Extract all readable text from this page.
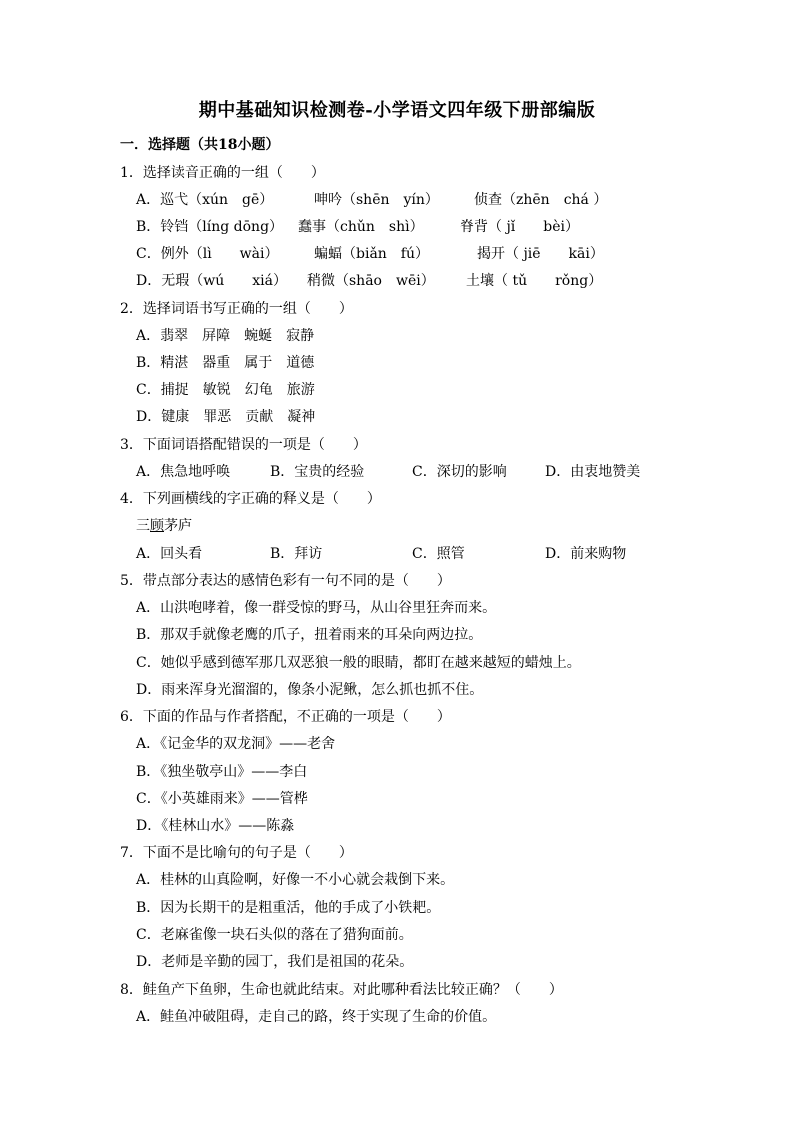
期中基础知识检测卷-小学语文四年级下册部编版
一．选择题（共18小题）
1．选择读音正确的一组（　　）
A．巡弋（xún　gē）	呻吟（shēn　yín）	侦查（zhēn　chá ）
B．铃铛（líng dōng） 蠢事（chǔn　shì）	脊背（ jǐ　　bèi）
C．例外（lì　　wài）	蝙蝠（biǎn　fú）	揭开（ jiē　　kāi）
D．无瑕（wú　　xiá） 稍微（shāo　wēi） 土壤（ tǔ　　rǒng）
2．选择词语书写正确的一组（　　）
A．翡翠　屏障　蜿蜒　寂静
B．精湛　器重　属于　道德
C．捕捉　敏锐　幻龟　旅游
D．键康　罪恶　贡献　凝神
3．下面词语搭配错误的一项是（　　）
A．焦急地呼唤	B．宝贵的经验	C．深切的影响	D．由衷地赞美
4．下列画横线的字正确的释义是（　　）
三顾茅庐
A．回头看	B．拜访	C．照管	D．前来购物
5．带点部分表达的感情色彩有一句不同的是（　　）
A．山洪咆哮着，像一群受惊的野马，从山谷里狂奔而来。
B．那双手就像老鹰的爪子，扭着雨来的耳朵向两边拉。
C．她似乎感到德军那几双恶狼一般的眼睛，都盯在越来越短的蜡烛上。
D．雨来浑身光溜溜的，像条小泥鳅，怎么抓也抓不住。
6．下面的作品与作者搭配，不正确的一项是（　　）
A．《记金华的双龙洞》——老舍
B．《独坐敬亭山》——李白
C．《小英雄雨来》——管桦
D．《桂林山水》——陈淼
7．下面不是比喻句的句子是（　　）
A．桂林的山真险啊，好像一不小心就会栽倒下来。
B．因为长期干的是粗重活，他的手成了小铁耙。
C．老麻雀像一块石头似的落在了猎狗面前。
D．老师是辛勤的园丁，我们是祖国的花朵。
8．鲑鱼产下鱼卵，生命也就此结束。对此哪种看法比较正确？（　　）
A．鲑鱼冲破阻碍，走自己的路，终于实现了生命的价值。
